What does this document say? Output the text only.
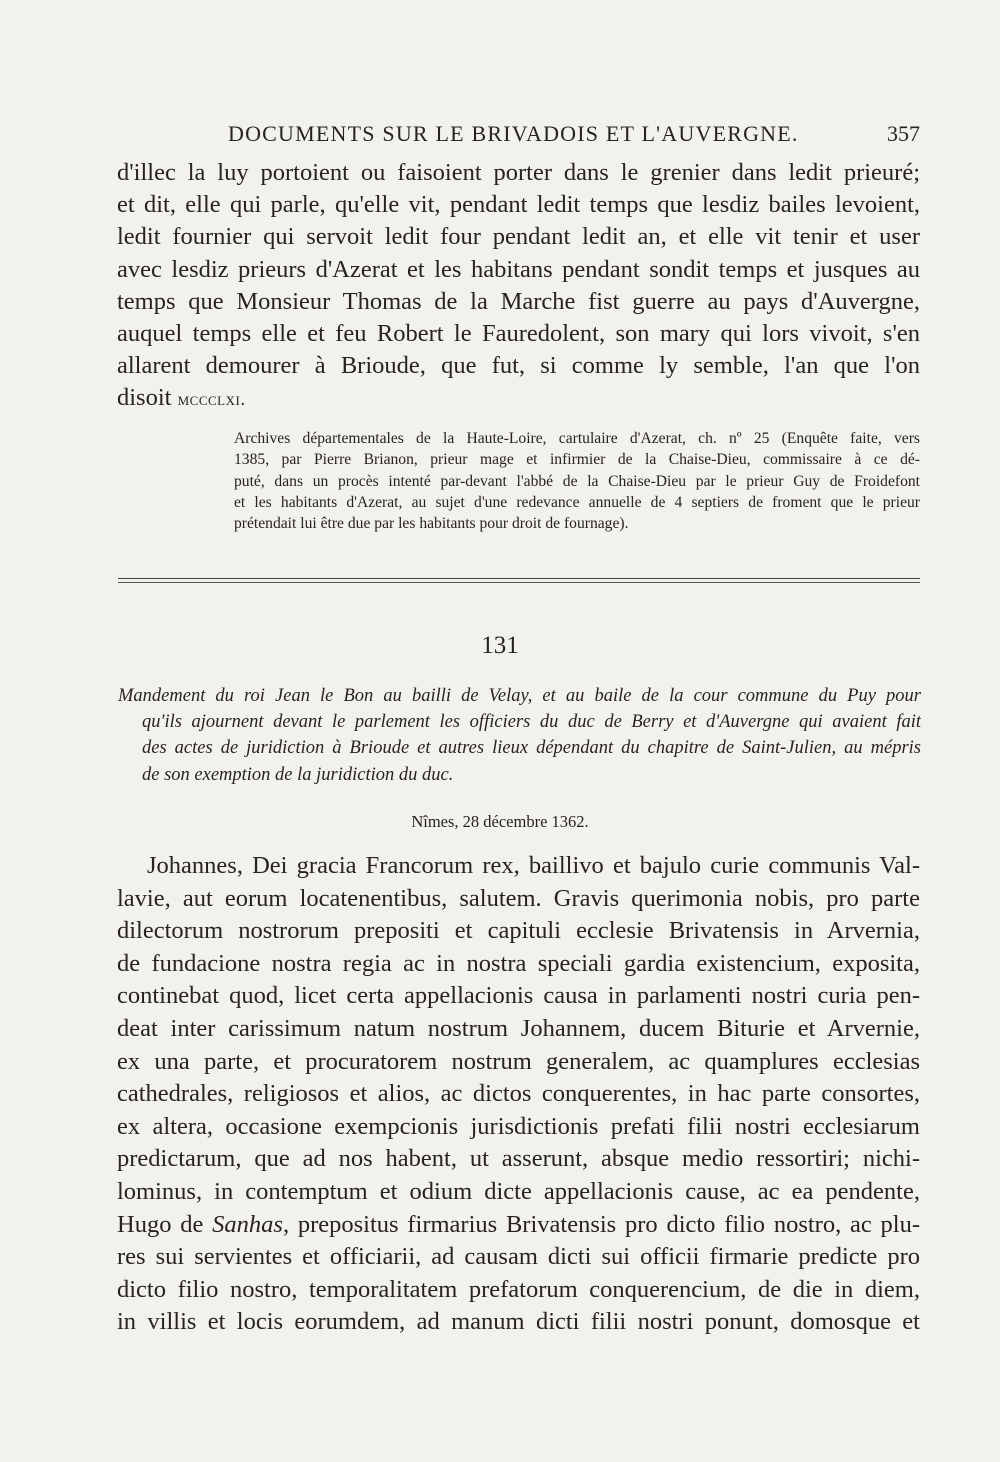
DOCUMENTS SUR LE BRIVADOIS ET L'AUVERGNE.	357
d'illec la luy portoient ou faisoient porter dans le grenier dans ledit prieuré;
et dit, elle qui parle, qu'elle vit, pendant ledit temps que lesdiz bailes levoient,
ledit fournier qui servoit ledit four pendant ledit an, et elle vit tenir et user
avec lesdiz prieurs d'Azerat et les habitans pendant sondit temps et jusques au
temps que Monsieur Thomas de la Marche fist guerre au pays d'Auvergne,
auquel temps elle et feu Robert le Fauredolent, son mary qui lors vivoit, s'en
allarent demourer à Brioude, que fut, si comme ly semble, l'an que l'on
disoit mccclxi.
Archives départementales de la Haute-Loire, cartulaire d'Azerat, ch. nº 25 (Enquête faite, vers
1385, par Pierre Brianon, prieur mage et infirmier de la Chaise-Dieu, commissaire à ce dé-
puté, dans un procès intenté par-devant l'abbé de la Chaise-Dieu par le prieur Guy de Froidefont
et les habitants d'Azerat, au sujet d'une redevance annuelle de 4 septiers de froment que le prieur
prétendait lui être due par les habitants pour droit de fournage).
131
Mandement du roi Jean le Bon au bailli de Velay, et au baile de la cour commune du Puy pour
qu'ils ajournent devant le parlement les officiers du duc de Berry et d'Auvergne qui avaient fait
des actes de juridiction à Brioude et autres lieux dépendant du chapitre de Saint-Julien, au mépris
de son exemption de la juridiction du duc.
Nîmes, 28 décembre 1362.
Johannes, Dei gracia Francorum rex, baillivo et bajulo curie communis Val-
lavie, aut eorum locatenentibus, salutem. Gravis querimonia nobis, pro parte
dilectorum nostrorum prepositi et capituli ecclesie Brivatensis in Arvernia,
de fundacione nostra regia ac in nostra speciali gardia existencium, exposita,
continebat quod, licet certa appellacionis causa in parlamenti nostri curia pen-
deat inter carissimum natum nostrum Johannem, ducem Biturie et Arvernie,
ex una parte, et procuratorem nostrum generalem, ac quamplures ecclesias
cathedrales, religiosos et alios, ac dictos conquerentes, in hac parte consortes,
ex altera, occasione exempcionis jurisdictionis prefati filii nostri ecclesiarum
predictarum, que ad nos habent, ut asserunt, absque medio ressortiri; nichi-
lominus, in contemptum et odium dicte appellacionis cause, ac ea pendente,
Hugo de Sanhas, prepositus firmarius Brivatensis pro dicto filio nostro, ac plu-
res sui servientes et officiarii, ad causam dicti sui officii firmarie predicte pro
dicto filio nostro, temporalitatem prefatorum conquerencium, de die in diem,
in villis et locis eorumdem, ad manum dicti filii nostri ponunt, domosque et
